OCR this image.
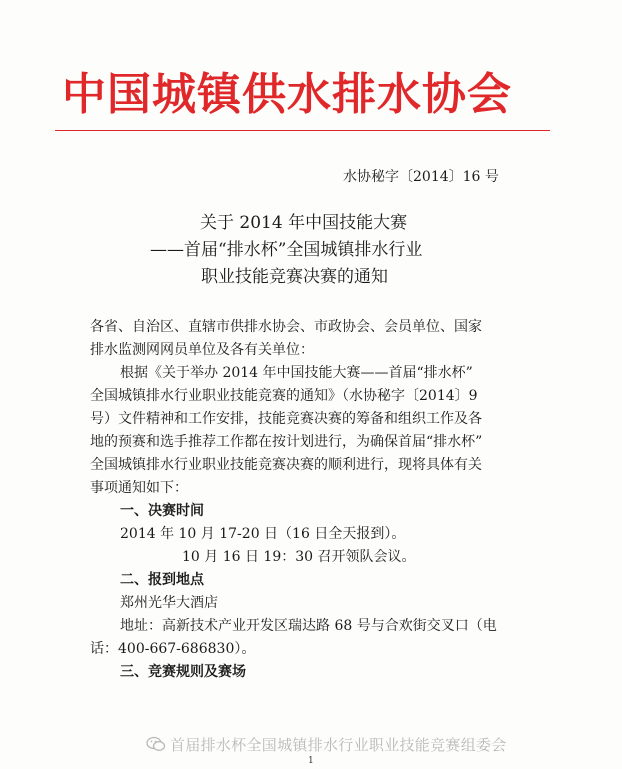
中国城镇供水排水协会
水协秘字〔2014〕16 号
关于 2014 年中国技能大赛
——首届“排水杯”全国城镇排水行业
职业技能竞赛决赛的通知
各省、自治区、直辖市供排水协会、市政协会、会员单位、国家
排水监测网网员单位及各有关单位：
根据《关于举办 2014 年中国技能大赛——首届“排水杯”
全国城镇排水行业职业技能竞赛的通知》（水协秘字〔2014〕9
号）文件精神和工作安排，技能竞赛决赛的筹备和组织工作及各
地的预赛和选手推荐工作都在按计划进行，为确保首届“排水杯”
全国城镇排水行业职业技能竞赛决赛的顺利进行，现将具体有关
事项通知如下：
一、决赛时间
2014 年 10 月 17-20 日（16 日全天报到）。
10 月 16 日 19：30 召开领队会议。
二、报到地点
郑州光华大酒店
地址：高新技术产业开发区瑞达路 68 号与合欢街交叉口（电
话：400-667-686830）。
三、竞赛规则及赛场
首届排水杯全国城镇排水行业职业技能竞赛组委会
1
